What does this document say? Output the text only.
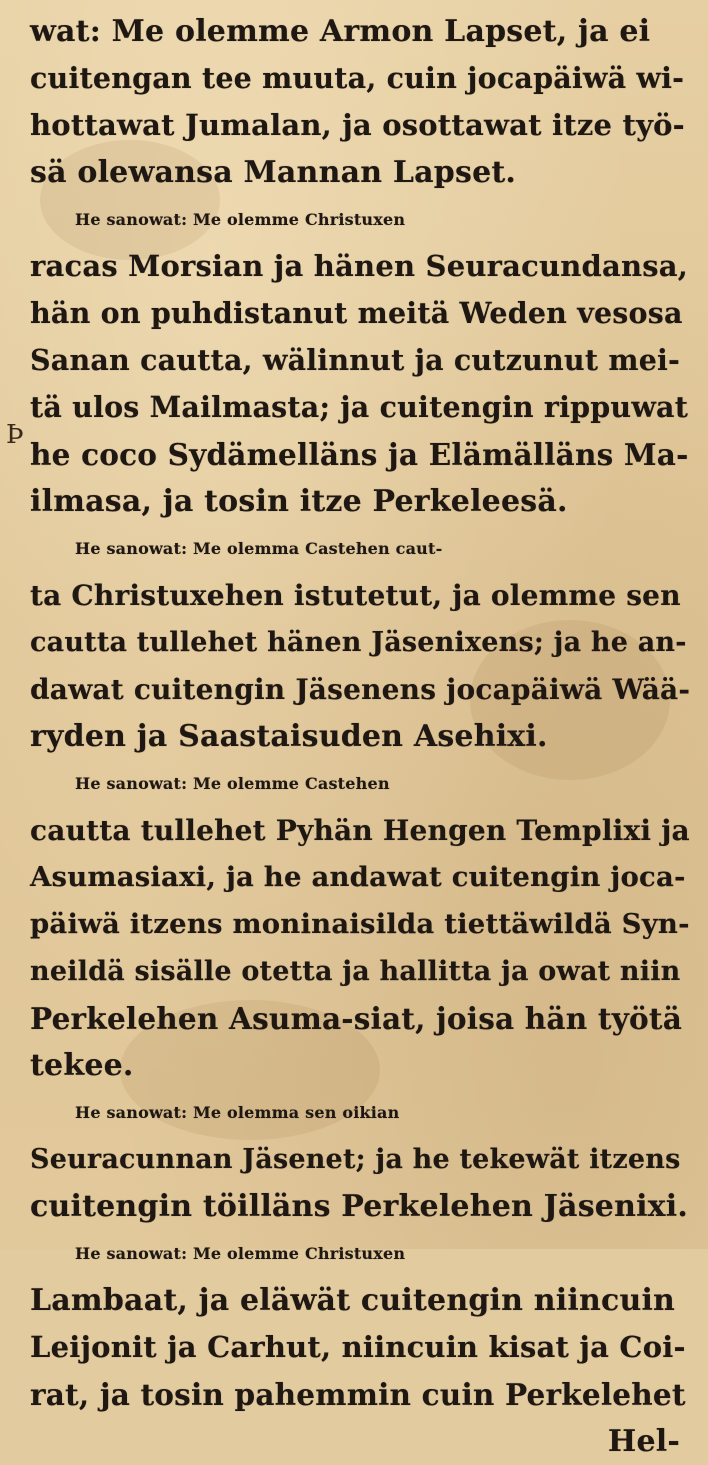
Ϸ
wat: Me olemme Armon Lapset, ja ei
cuitengan tee muuta, cuin jocapäiwä wi-
hottawat Jumalan, ja osottawat itze työ-
sä olewansa Mannan Lapset.
He sanowat: Me olemme Christuxen
racas Morsian ja hänen Seuracundansa,
hän on puhdistanut meitä Weden vesosa
Sanan cautta, wälinnut ja cutzunut mei-
tä ulos Mailmasta; ja cuitengin rippuwat
he coco Sydämelläns ja Elämälläns Ma-
ilmasa, ja tosin itze Perkeleesä.
He sanowat: Me olemma Castehen caut-
ta Christuxehen istutetut, ja olemme sen
cautta tullehet hänen Jäsenixens; ja he an-
dawat cuitengin Jäsenens jocapäiwä Wää-
ryden ja Saastaisuden Asehixi.
He sanowat: Me olemme Castehen
cautta tullehet Pyhän Hengen Templixi ja
Asumasiaxi, ja he andawat cuitengin joca-
päiwä itzens moninaisilda tiettäwildä Syn-
neildä sisälle otetta ja hallitta ja owat niin
Perkelehen Asuma-siat, joisa hän työtä
tekee.
He sanowat: Me olemma sen oikian
Seuracunnan Jäsenet; ja he tekewät itzens
cuitengin töilläns Perkelehen Jäsenixi.
He sanowat: Me olemme Christuxen
Lambaat, ja eläwät cuitengin niincuin
Leijonit ja Carhut, niincuin kisat ja Coi-
rat, ja tosin pahemmin cuin Perkelehet
Hel-
